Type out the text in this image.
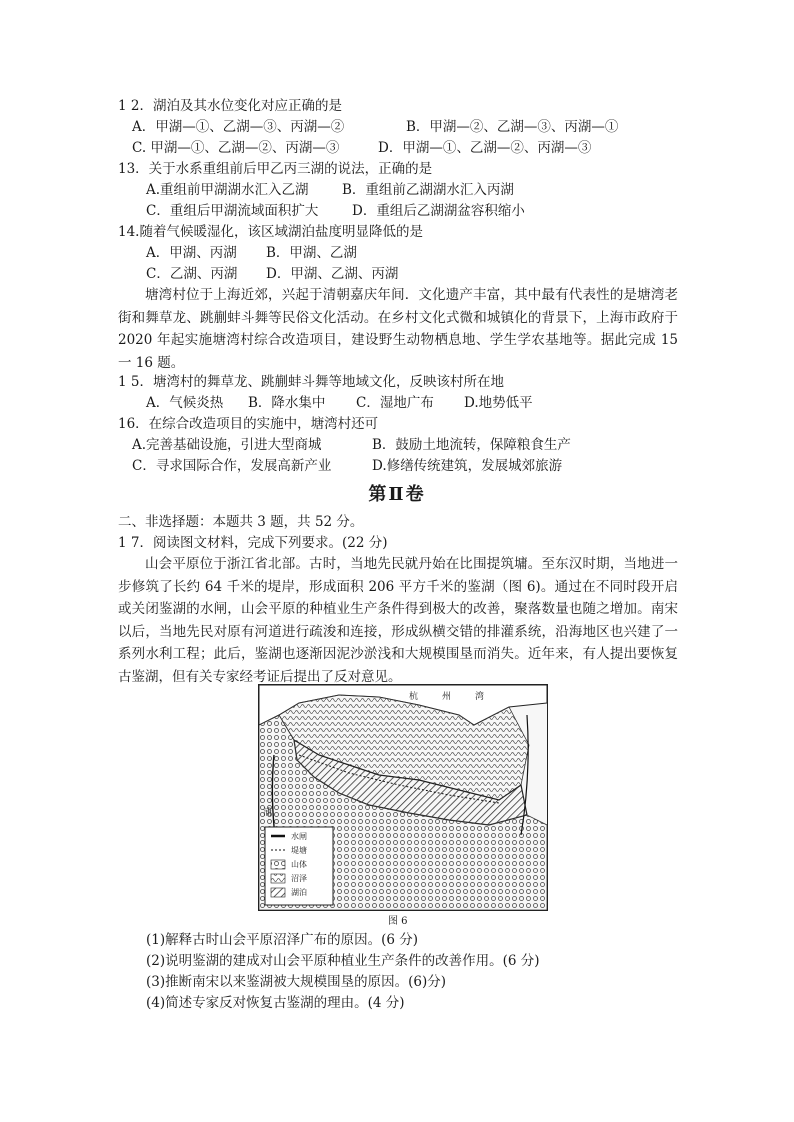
1 2．湖泊及其水位变化对应正确的是
A．甲湖—①、乙湖—③、丙湖—②	B．甲湖—②、乙湖—③、丙湖—①
C. 甲湖—①、乙湖—②、丙湖—③	D．甲湖—①、乙湖—②、丙湖—③
13．关于水系重组前后甲乙丙三湖的说法，正确的是
A.重组前甲湖湖水汇入乙湖 B．重组前乙湖湖水汇入丙湖
C．重组后甲湖流域面积扩大 D．重组后乙湖湖盆容积缩小
14.随着气候暖湿化，该区域湖泊盐度明显降低的是
A．甲湖、丙湖 B．甲湖、乙湖
C．乙湖、丙湖 D．甲湖、乙湖、丙湖
塘湾村位于上海近郊，兴起于清朝嘉庆年间．文化遗产丰富，其中最有代表性的是塘湾老街和舞草龙、跳蒯蚌斗舞等民俗文化活动。在乡村文化式微和城镇化的背景下，上海市政府于 2020 年起实施塘湾村综合改造项目，建设野生动物栖息地、学生学农基地等。据此完成 15 一 16 题。
1 5．塘湾村的舞草龙、跳蒯蚌斗舞等地域文化，反映该村所在地
A．气候炎热 B．降水集中 C．湿地广布 D.地势低平
16．在综合改造项目的实施中，塘湾村还可
A.完善基础设施，引进大型商城	B．鼓励土地流转，保障粮食生产
C．寻求国际合作，发展高新产业	D.修缮传统建筑，发展城郊旅游
第Ⅱ卷
二、非选择题：本题共 3 题，共 52 分。
1 7．阅读图文材料，完成下列要求。(22 分)
山会平原位于浙江省北部。古时，当地先民就丹始在比围提筑墉。至东汉时期，当地进一步修筑了长约 64 千米的堤岸，形成面积 206 平方千米的鉴湖（图 6)。通过在不同时段开启或关闭鉴湖的水闸，山会平原的种植业生产条件得到极大的改善，聚落数量也随之增加。南宋以后，当地先民对原有河道进行疏浚和连接，形成纵横交错的排灌系统，沿海地区也兴建了一系列水利工程；此后，鉴湖也逐渐因泥沙淤浅和大规模围垦而消失。近年来，有人提出要恢复古鉴湖，但有关专家经考证后提出了反对意见。
杭　　州　　湾
浦
水闸
堤塘
山体
沼泽
湖泊
图 6
(1)解释古时山会平原沼泽广布的原因。(6 分)
(2)说明鉴湖的建成对山会平原种植业生产条件的改善作用。(6 分)
(3)推断南宋以来鉴湖被大规模围垦的原因。(6)分)
(4)简述专家反对恢复古鉴湖的理由。(4 分)
